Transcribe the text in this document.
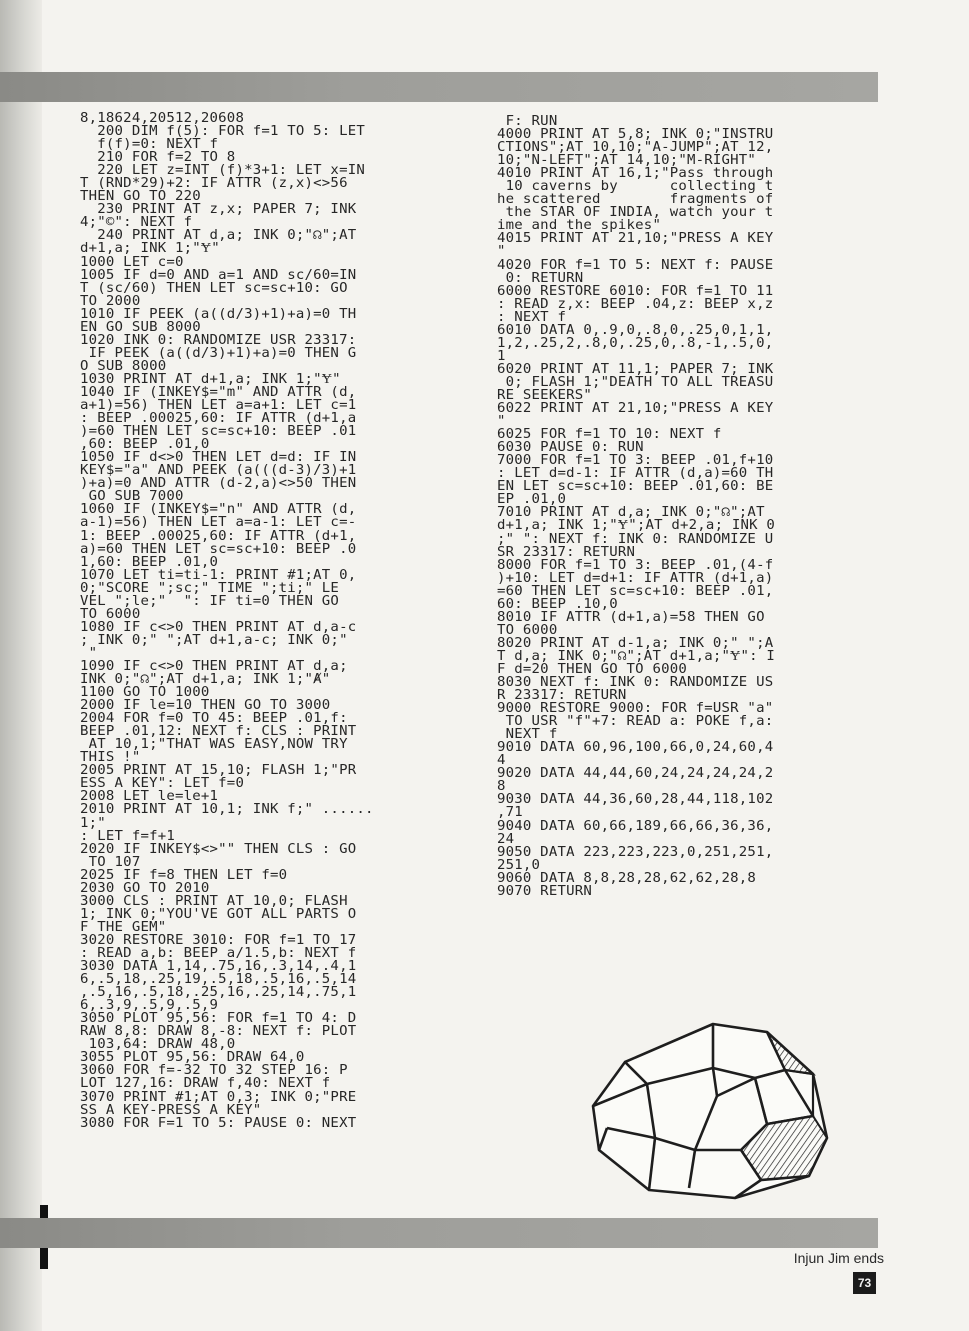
8,18624,20512,20608
200 DIM f(5): FOR f=1 TO 5: LET
f(f)=0: NEXT f
210 FOR f=2 TO 8
220 LET z=INT (f)*3+1: LET x=IN
T (RND*29)+2: IF ATTR (z,x)<>56
THEN GO TO 220
230 PRINT AT z,x; PAPER 7; INK
4;"©": NEXT f
240 PRINT AT d,a; INK 0;"☊";AT
d+1,a; INK 1;"Ɏ"
1000 LET c=0
1005 IF d=0 AND a=1 AND sc/60=IN
T (sc/60) THEN LET sc=sc+10: GO
TO 2000
1010 IF PEEK (a((d/3)+1)+a)=0 TH
EN GO SUB 8000
1020 INK 0: RANDOMIZE USR 23317:
IF PEEK (a((d/3)+1)+a)=0 THEN G
O SUB 8000
1030 PRINT AT d+1,a; INK 1;"Ɏ"
1040 IF (INKEY$="m" AND ATTR (d,
a+1)=56) THEN LET a=a+1: LET c=1
: BEEP .00025,60: IF ATTR (d+1,a
)=60 THEN LET sc=sc+10: BEEP .01
,60: BEEP .01,0
1050 IF d<>0 THEN LET d=d: IF IN
KEY$="a" AND PEEK (a(((d-3)/3)+1
)+a)=0 AND ATTR (d-2,a)<>50 THEN
GO SUB 7000
1060 IF (INKEY$="n" AND ATTR (d,
a-1)=56) THEN LET a=a-1: LET c=-
1: BEEP .00025,60: IF ATTR (d+1,
a)=60 THEN LET sc=sc+10: BEEP .0
1,60: BEEP .01,0
1070 LET ti=ti-1: PRINT #1;AT 0,
0;"SCORE ";sc;" TIME ";ti;" LE
VEL ";le;"  ": IF ti=0 THEN GO
TO 6000
1080 IF c<>0 THEN PRINT AT d,a-c
; INK 0;" ";AT d+1,a-c; INK 0;"
"
1090 IF c<>0 THEN PRINT AT d,a;
INK 0;"☊";AT d+1,a; INK 1;"Ⱥ"
1100 GO TO 1000
2000 IF le=10 THEN GO TO 3000
2004 FOR f=0 TO 45: BEEP .01,f:
BEEP .01,12: NEXT f: CLS : PRINT
AT 10,1;"THAT WAS EASY,NOW TRY
THIS !"
2005 PRINT AT 15,10; FLASH 1;"PR
ESS A KEY": LET f=0
2008 LET le=le+1
2010 PRINT AT 10,1; INK f;" ......
1;"
: LET f=f+1
2020 IF INKEY$<>"" THEN CLS : GO
TO 107
2025 IF f=8 THEN LET f=0
2030 GO TO 2010
3000 CLS : PRINT AT 10,0; FLASH
1; INK 0;"YOU'VE GOT ALL PARTS O
F THE GEM"
3020 RESTORE 3010: FOR f=1 TO 17
: READ a,b: BEEP a/1.5,b: NEXT f
3030 DATA 1,14,.75,16,.3,14,.4,1
6,.5,18,.25,19,.5,18,.5,16,.5,14
,.5,16,.5,18,.25,16,.25,14,.75,1
6,.3,9,.5,9,.5,9
3050 PLOT 95,56: FOR f=1 TO 4: D
RAW 8,8: DRAW 8,-8: NEXT f: PLOT
103,64: DRAW 48,0
3055 PLOT 95,56: DRAW 64,0
3060 FOR f=-32 TO 32 STEP 16: P
LOT 127,16: DRAW f,40: NEXT f
3070 PRINT #1;AT 0,3; INK 0;"PRE
SS A KEY-PRESS A KEY"
3080 FOR F=1 TO 5: PAUSE 0: NEXT
F: RUN
4000 PRINT AT 5,8; INK 0;"INSTRU
CTIONS";AT 10,10;"A-JUMP";AT 12,
10;"N-LEFT";AT 14,10;"M-RIGHT"
4010 PRINT AT 16,1;"Pass through
10 caverns by      collecting t
he scattered        fragments of
the STAR OF INDIA, watch your t
ime and the spikes"
4015 PRINT AT 21,10;"PRESS A KEY
"
4020 FOR f=1 TO 5: NEXT f: PAUSE
0: RETURN
6000 RESTORE 6010: FOR f=1 TO 11
: READ z,x: BEEP .04,z: BEEP x,z
: NEXT f
6010 DATA 0,.9,0,.8,0,.25,0,1,1,
1,2,.25,2,.8,0,.25,0,.8,-1,.5,0,
1
6020 PRINT AT 11,1; PAPER 7; INK
0; FLASH 1;"DEATH TO ALL TREASU
RE SEEKERS"
6022 PRINT AT 21,10;"PRESS A KEY
"
6025 FOR f=1 TO 10: NEXT f
6030 PAUSE 0: RUN
7000 FOR f=1 TO 3: BEEP .01,f+10
: LET d=d-1: IF ATTR (d,a)=60 TH
EN LET sc=sc+10: BEEP .01,60: BE
EP .01,0
7010 PRINT AT d,a; INK 0;"☊";AT
d+1,a; INK 1;"Ɏ";AT d+2,a; INK 0
;" ": NEXT f: INK 0: RANDOMIZE U
SR 23317: RETURN
8000 FOR f=1 TO 3: BEEP .01,(4-f
)+10: LET d=d+1: IF ATTR (d+1,a)
=60 THEN LET sc=sc+10: BEEP .01,
60: BEEP .10,0
8010 IF ATTR (d+1,a)=58 THEN GO
TO 6000
8020 PRINT AT d-1,a; INK 0;" ";A
T d,a; INK 0;"☊";AT d+1,a;"Ɏ": I
F d=20 THEN GO TO 6000
8030 NEXT f: INK 0: RANDOMIZE US
R 23317: RETURN
9000 RESTORE 9000: FOR f=USR "a"
TO USR "f"+7: READ a: POKE f,a:
NEXT f
9010 DATA 60,96,100,66,0,24,60,4
4
9020 DATA 44,44,60,24,24,24,24,2
8
9030 DATA 44,36,60,28,44,118,102
,71
9040 DATA 60,66,189,66,66,36,36,
24
9050 DATA 223,223,223,0,251,251,
251,0
9060 DATA 8,8,28,28,62,62,28,8
9070 RETURN
Injun Jim ends
73
